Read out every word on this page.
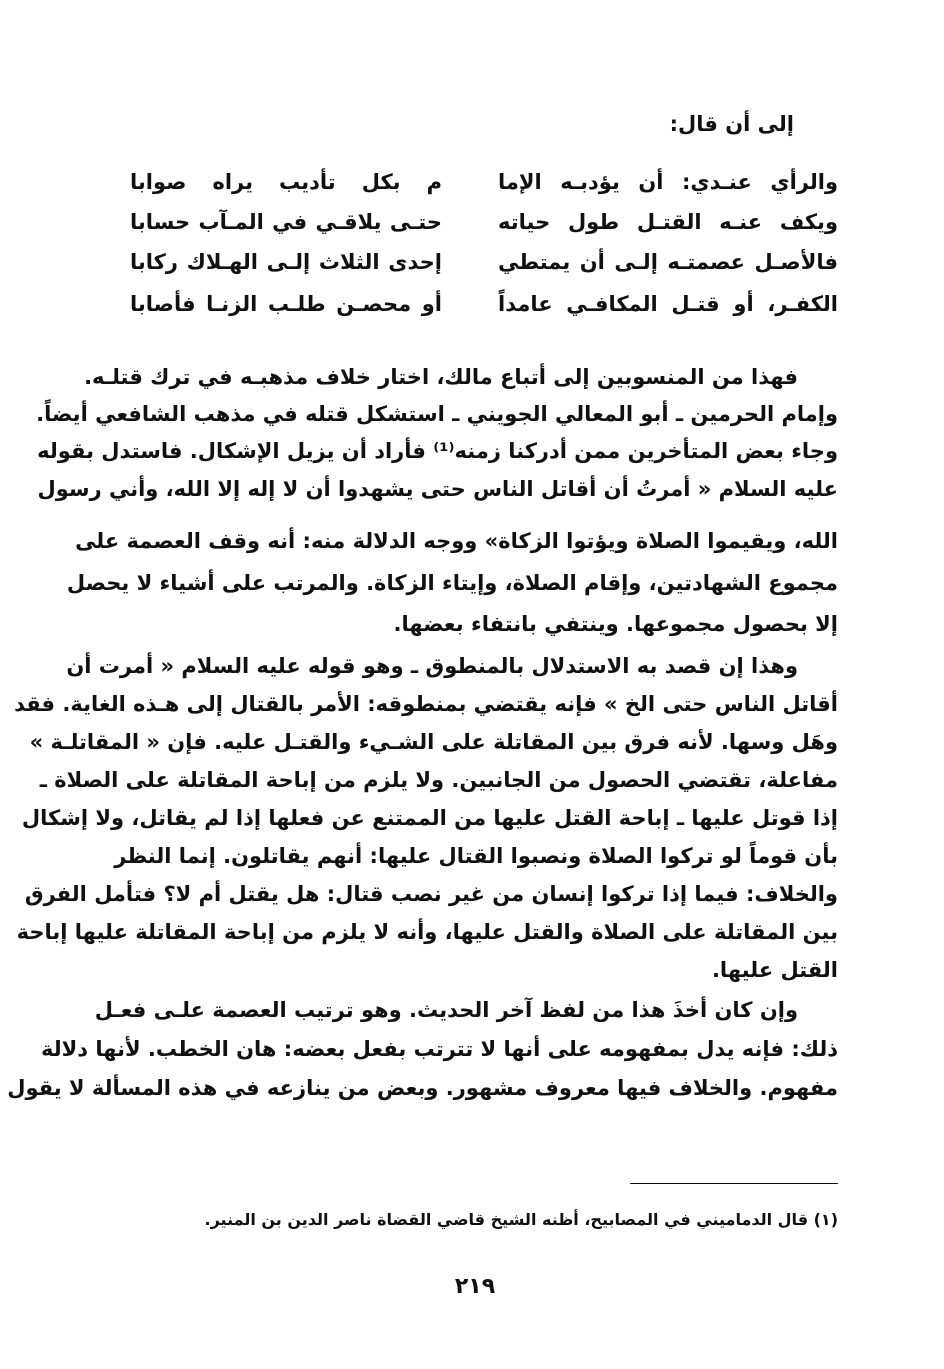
إلى أن قال:
والرأي عنـدي: أن يؤدبـه الإما
م بكل تأديب يراه صوابا
ويكف عنـه القتـل طول حياته
حتـى يلاقـي في المـآب حسابا
فالأصـل عصمتـه إلـى أن يمتطي
إحدى الثلاث إلـى الهـلاك ركابا
الكفـر، أو قتـل المكافـي عامداً
أو محصـن طلـب الزنـا فأصابا
فهذا من المنسوبين إلى أتباع مالك، اختار خلاف مذهبـه في ترك قتلـه.
وإمام الحرمين ـ أبو المعالي الجويني ـ استشكل قتله في مذهب الشافعي أيضاً.
وجاء بعض المتأخرين ممن أدركنا زمنه⁽¹⁾ فأراد أن يزيل الإشكال. فاستدل بقوله
عليه السلام « أمرتُ أن أقاتل الناس حتى يشهدوا أن لا إله إلا الله، وأني رسول
الله، ويقيموا الصلاة ويؤتوا الزكاة» ووجه الدلالة منه: أنه وقف العصمة على
مجموع الشهادتين، وإقام الصلاة، وإيتاء الزكاة. والمرتب على أشياء لا يحصل
إلا بحصول مجموعها. وينتفي بانتفاء بعضها.
وهذا إن قصد به الاستدلال بالمنطوق ـ وهو قوله عليه السلام « أمرت أن
أقاتل الناس حتى الخ » فإنه يقتضي بمنطوقه: الأمر بالقتال إلى هـذه الغاية. فقد
وهَل وسها. لأنه فرق بين المقاتلة على الشـيء والقتـل عليه. فإن « المقاتلـة »
مفاعلة، تقتضي الحصول من الجانبين. ولا يلزم من إباحة المقاتلة على الصلاة ـ
إذا قوتل عليها ـ إباحة القتل عليها من الممتنع عن فعلها إذا لم يقاتل، ولا إشكال
بأن قوماً لو تركوا الصلاة ونصبوا القتال عليها: أنهم يقاتلون. إنما النظر
والخلاف: فيما إذا تركوا إنسان من غير نصب قتال: هل يقتل أم لا؟ فتأمل الفرق
بين المقاتلة على الصلاة والقتل عليها، وأنه لا يلزم من إباحة المقاتلة عليها إباحة
القتل عليها.
وإن كان أخذَ هذا من لفظ آخر الحديث. وهو ترتيب العصمة علـى فعـل
ذلك: فإنه يدل بمفهومه على أنها لا تترتب بفعل بعضه: هان الخطب. لأنها دلالة
مفهوم. والخلاف فيها معروف مشهور. وبعض من ينازعه في هذه المسألة لا يقول
(١) قال الدماميني في المصابيح، أظنه الشيخ قاضي القضاة ناصر الدين بن المنير.
٢١٩
